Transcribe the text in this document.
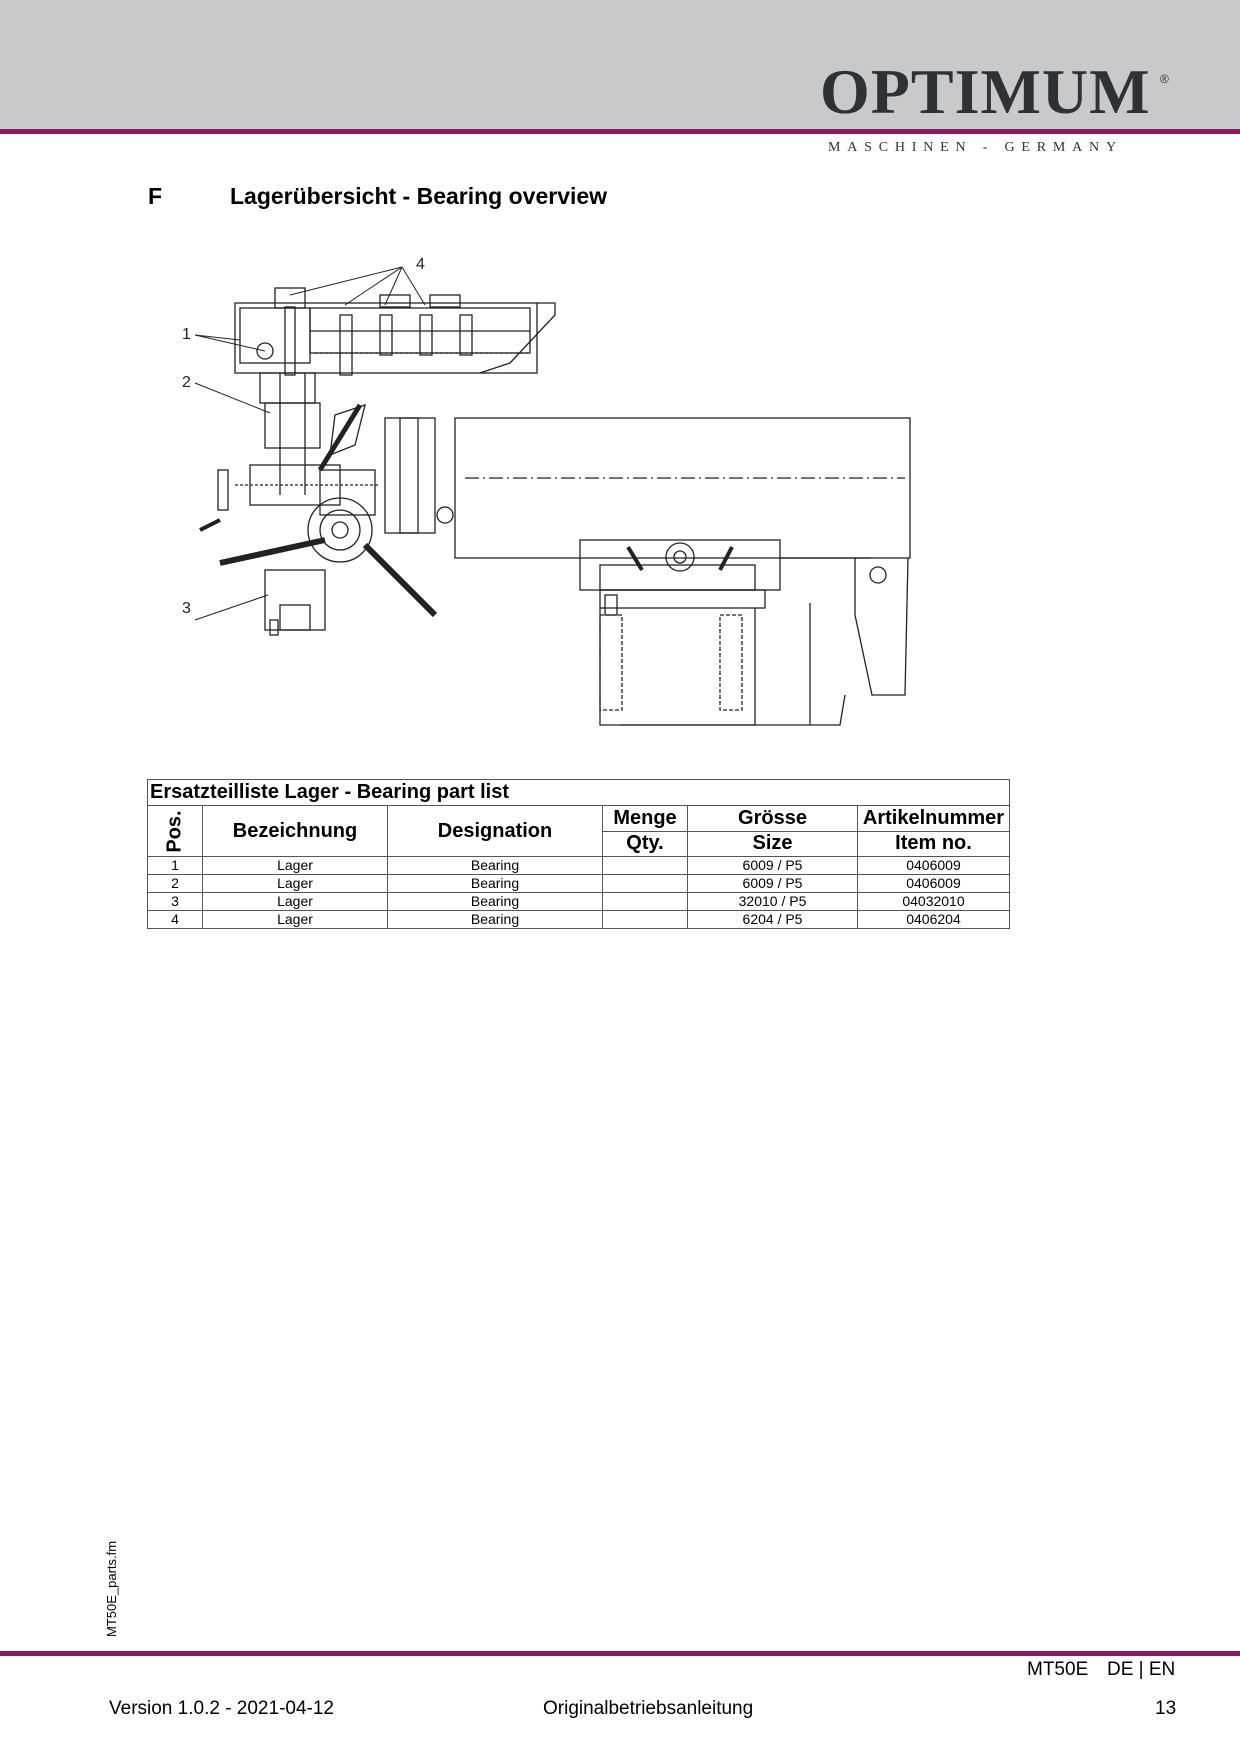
OPTIMUM ®
MASCHINEN - GERMANY
F	Lagerübersicht - Bearing overview
1
2
3
4
Ersatzteilliste Lager - Bearing part list					
Pos.	Bezeichnung	Designation	Menge	Grösse	Artikelnummer
			Qty.	Size	Item no.
1	Lager	Bearing		6009 / P5	0406009
2	Lager	Bearing		6009 / P5	0406009
3	Lager	Bearing		32010 / P5	04032010
4	Lager	Bearing		6204 / P5	0406204
MT50E_parts.fm
MT50E DE | EN
Version 1.0.2 - 2021-04-12	Originalbetriebsanleitung	13
